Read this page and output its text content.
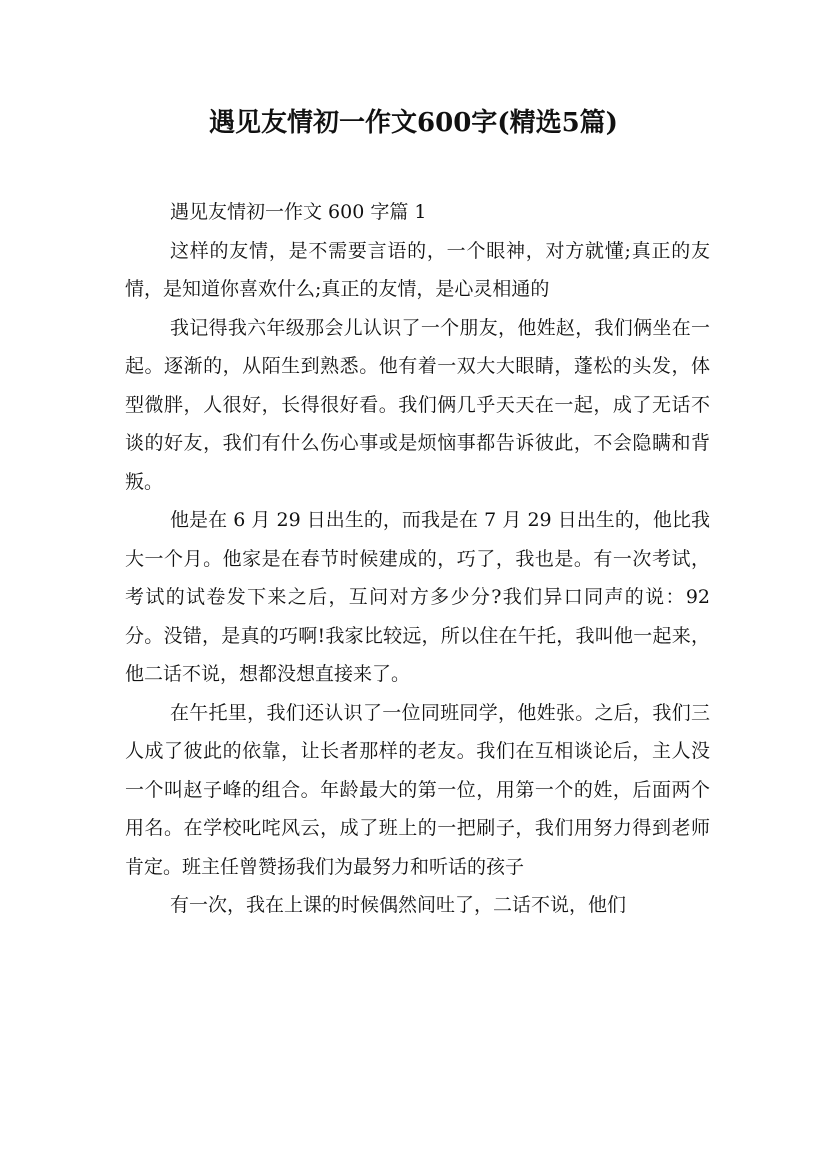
遇见友情初一作文600字(精选5篇)

遇见友情初一作文 600 字篇 1

这样的友情，是不需要言语的，一个眼神，对方就懂;真正的友情，是知道你喜欢什么;真正的友情，是心灵相通的

我记得我六年级那会儿认识了一个朋友，他姓赵，我们俩坐在一起。逐渐的，从陌生到熟悉。他有着一双大大眼睛，蓬松的头发，体型微胖，人很好，长得很好看。我们俩几乎天天在一起，成了无话不谈的好友，我们有什么伤心事或是烦恼事都告诉彼此，不会隐瞒和背叛。

他是在 6 月 29 日出生的，而我是在 7 月 29 日出生的，他比我大一个月。他家是在春节时候建成的，巧了，我也是。有一次考试，考试的试卷发下来之后，互问对方多少分?我们异口同声的说：92 分。没错，是真的巧啊!我家比较远，所以住在午托，我叫他一起来，他二话不说，想都没想直接来了。

在午托里，我们还认识了一位同班同学，他姓张。之后，我们三人成了彼此的依靠，让长者那样的老友。我们在互相谈论后，主人没一个叫赵子峰的组合。年龄最大的第一位，用第一个的姓，后面两个用名。在学校叱咤风云，成了班上的一把刷子，我们用努力得到老师肯定。班主任曾赞扬我们为最努力和听话的孩子

有一次，我在上课的时候偶然间吐了，二话不说，他们
